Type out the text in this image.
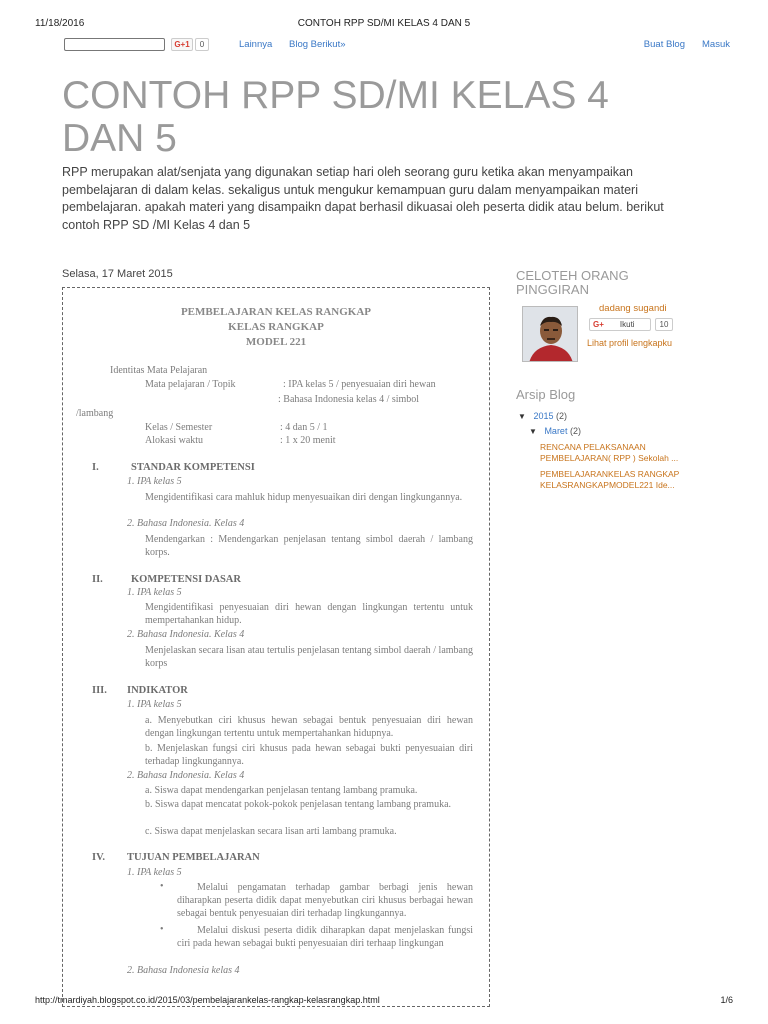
11/18/2016	CONTOH RPP SD/MI KELAS 4 DAN 5
G+1	0	Lainnya Blog Berikut»	Buat Blog Masuk
CONTOH RPP SD/MI KELAS 4 DAN 5

RPP merupakan alat/senjata yang digunakan setiap hari oleh seorang guru ketika akan menyampaikan pembelajaran di dalam kelas. sekaligus untuk mengukur kemampuan guru dalam menyampaikan materi pembelajaran. apakah materi yang disampaikn dapat berhasil dikuasai oleh peserta didik atau belum. berikut contoh RPP SD /MI Kelas 4 dan 5

Selasa, 17 Maret 2015
PEMBELAJARAN KELAS RANGKAP
KELAS RANGKAP
MODEL 221
Identitas Mata Pelajaran
Mata pelajaran / Topik	: IPA kelas 5 / penyesuaian diri hewan
: Bahasa Indonesia kelas 4 / simbol
/lambang
Kelas / Semester	: 4 dan 5 / 1
Alokasi waktu	: 1 x 20 menit
I.	STANDAR KOMPETENSI
1. IPA kelas 5
Mengidentifikasi cara mahluk hidup menyesuaikan diri dengan lingkungannya.
2. Bahasa Indonesia. Kelas 4
Mendengarkan : Mendengarkan penjelasan tentang simbol daerah / lambang korps.
II.	KOMPETENSI DASAR
1. IPA kelas 5
Mengidentifikasi penyesuaian diri hewan dengan lingkungan tertentu untuk mempertahankan hidup.
2. Bahasa Indonesia. Kelas 4
Menjelaskan secara lisan atau tertulis penjelasan tentang simbol daerah / lambang korps
III. INDIKATOR
1. IPA kelas 5
a. Menyebutkan ciri khusus hewan sebagai bentuk penyesuaian diri hewan dengan lingkungan tertentu untuk mempertahankan hidupnya.
b. Menjelaskan fungsi ciri khusus pada hewan sebagai bukti penyesuaian diri terhadap lingkungannya.
2. Bahasa Indonesia. Kelas 4
a. Siswa dapat mendengarkan penjelasan tentang lambang pramuka.
b. Siswa dapat mencatat pokok-pokok penjelasan tentang lambang pramuka.
c. Siswa dapat menjelaskan secara lisan arti lambang pramuka.
IV. TUJUAN PEMBELAJARAN
1. IPA kelas 5
•	Melalui pengamatan terhadap gambar berbagi jenis hewan diharapkan peserta didik dapat menyebutkan ciri khusus berbagai hewan sebagai bentuk penyesuaian diri terhadap lingkungannya.
•	Melalui diskusi peserta didik diharapkan dapat menjelaskan fungsi ciri pada hewan sebagai bukti penyesuaian diri terhaap lingkungan
2. Bahasa Indonesia kelas 4
CELOTEH ORANG PINGGIRAN
dadang sugandi
G+ Ikuti	10
Lihat profil lengkapku
Arsip Blog
▼ 2015 (2)
▼ Maret (2)
RENCANA PELAKSANAAN PEMBELAJARAN( RPP ) Sekolah ...
PEMBELAJARANKELAS RANGKAP KELASRANGKAPMODEL221 Ide...
http://tmardiyah.blogspot.co.id/2015/03/pembelajarankelas-rangkap-kelasrangkap.html	1/6
